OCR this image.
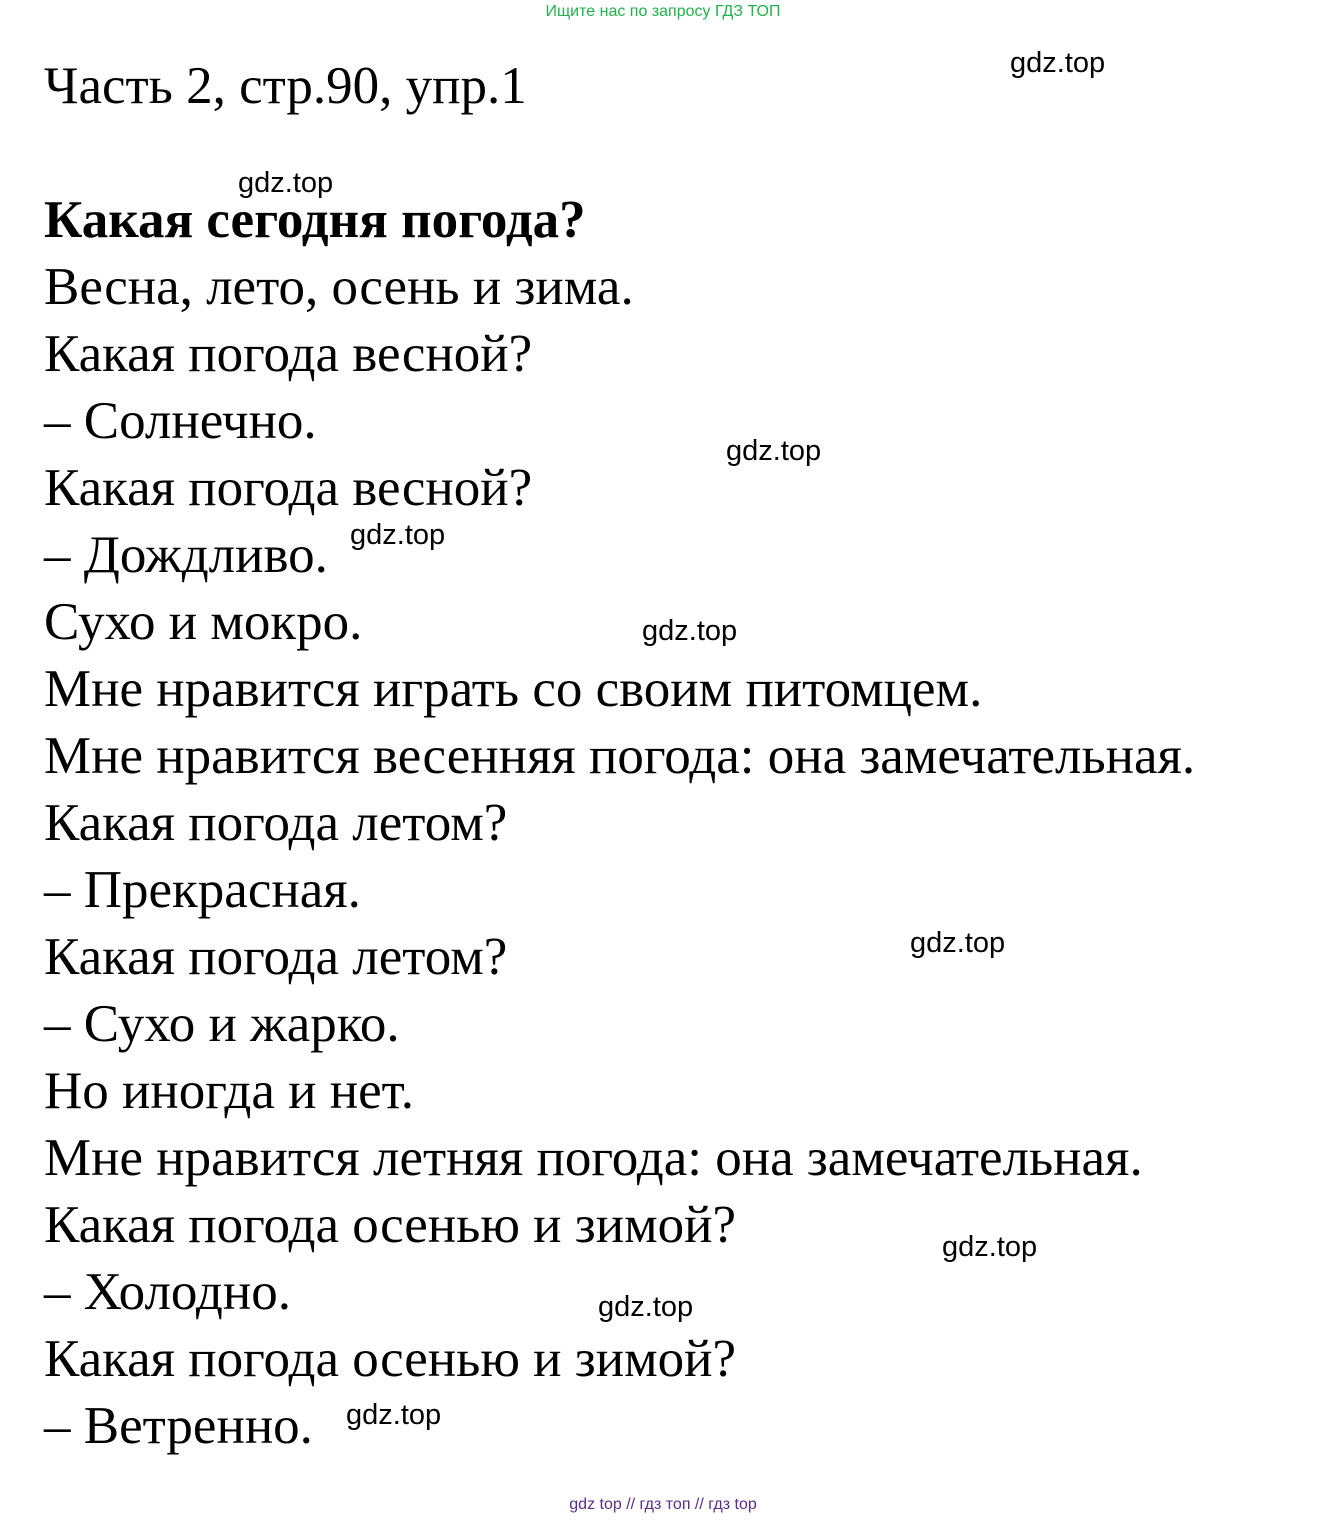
Ищите нас по запросу ГДЗ ТОП
Часть 2, стр.90, упр.1
Какая сегодня погода?
Весна, лето, осень и зима.
Какая погода весной?
– Солнечно.
Какая погода весной?
– Дождливо.
Сухо и мокро.
Мне нравится играть со своим питомцем.
Мне нравится весенняя погода: она замечательная.
Какая погода летом?
– Прекрасная.
Какая погода летом?
– Сухо и жарко.
Но иногда и нет.
Мне нравится летняя погода: она замечательная.
Какая погода осенью и зимой?
– Холодно.
Какая погода осенью и зимой?
– Ветренно.
gdz.top
gdz.top
gdz.top
gdz.top
gdz.top
gdz.top
gdz.top
gdz.top
gdz.top
gdz top // гдз топ // гдз top
